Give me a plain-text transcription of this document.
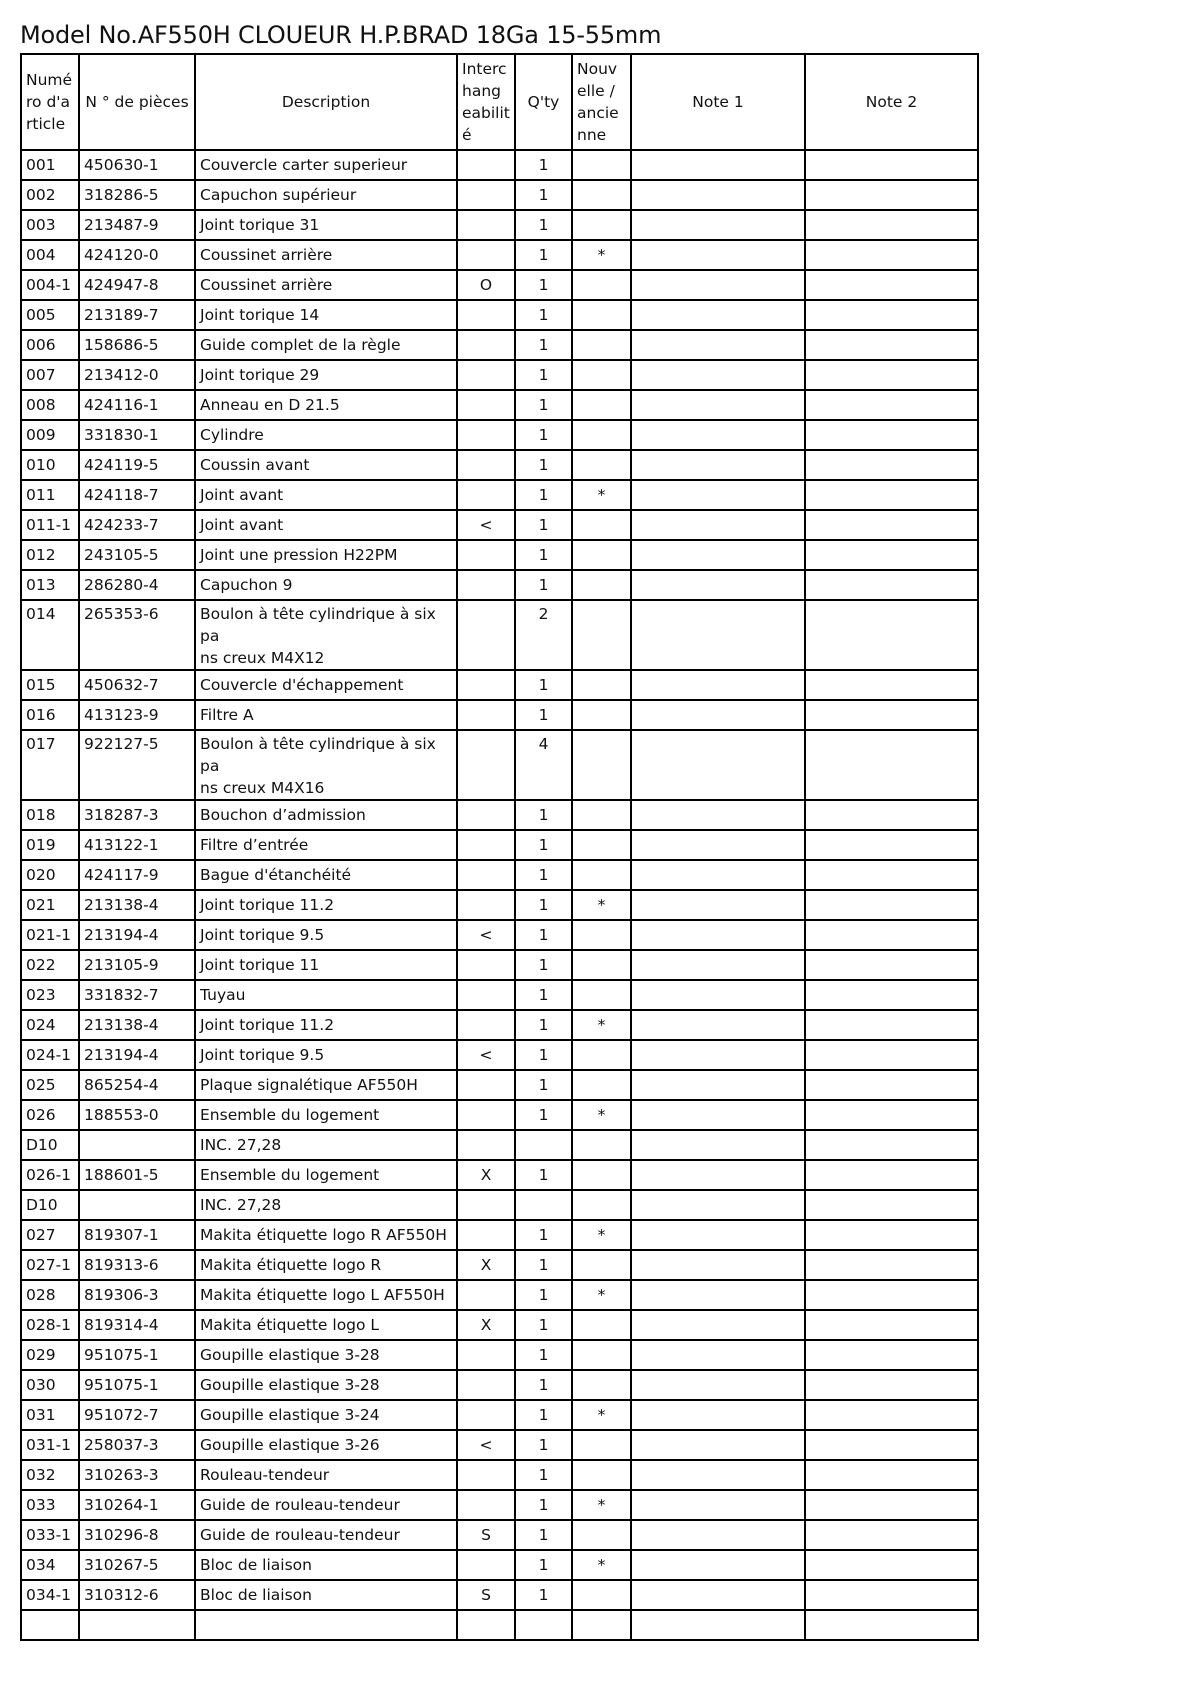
Model No.AF550H CLOUEUR H.P.BRAD 18Ga 15-55mm
Numé
ro d'a
rticle	N ° de pièces	Description	Interc
hang
eabilit
é	Q'ty	Nouv
elle /
ancie
nne	Note 1	Note 2
001	450630-1	Couvercle carter superieur		1			
002	318286-5	Capuchon supérieur		1			
003	213487-9	Joint torique 31		1			
004	424120-0	Coussinet arrière		1	*		
004-1	424947-8	Coussinet arrière	O	1			
005	213189-7	Joint torique 14		1			
006	158686-5	Guide complet de la règle		1			
007	213412-0	Joint torique 29		1			
008	424116-1	Anneau en D 21.5		1			
009	331830-1	Cylindre		1			
010	424119-5	Coussin avant		1			
011	424118-7	Joint avant		1	*		
011-1	424233-7	Joint avant	<	1			
012	243105-5	Joint une pression H22PM		1			
013	286280-4	Capuchon 9		1			
014	265353-6	Boulon à tête cylindrique à six pa
ns creux M4X12		2			
015	450632-7	Couvercle d'échappement		1			
016	413123-9	Filtre A		1			
017	922127-5	Boulon à tête cylindrique à six pa
ns creux M4X16		4			
018	318287-3	Bouchon d’admission		1			
019	413122-1	Filtre d’entrée		1			
020	424117-9	Bague d'étanchéité		1			
021	213138-4	Joint torique 11.2		1	*		
021-1	213194-4	Joint torique 9.5	<	1			
022	213105-9	Joint torique 11		1			
023	331832-7	Tuyau		1			
024	213138-4	Joint torique 11.2		1	*		
024-1	213194-4	Joint torique 9.5	<	1			
025	865254-4	Plaque signalétique AF550H		1			
026	188553-0	Ensemble du logement		1	*		
D10		INC. 27,28					
026-1	188601-5	Ensemble du logement	X	1			
D10		INC. 27,28					
027	819307-1	Makita étiquette logo R AF550H		1	*		
027-1	819313-6	Makita étiquette logo R	X	1			
028	819306-3	Makita étiquette logo L AF550H		1	*		
028-1	819314-4	Makita étiquette logo L	X	1			
029	951075-1	Goupille elastique 3-28		1			
030	951075-1	Goupille elastique 3-28		1			
031	951072-7	Goupille elastique 3-24		1	*		
031-1	258037-3	Goupille elastique 3-26	<	1			
032	310263-3	Rouleau-tendeur		1			
033	310264-1	Guide de rouleau-tendeur		1	*		
033-1	310296-8	Guide de rouleau-tendeur	S	1			
034	310267-5	Bloc de liaison		1	*		
034-1	310312-6	Bloc de liaison	S	1			
